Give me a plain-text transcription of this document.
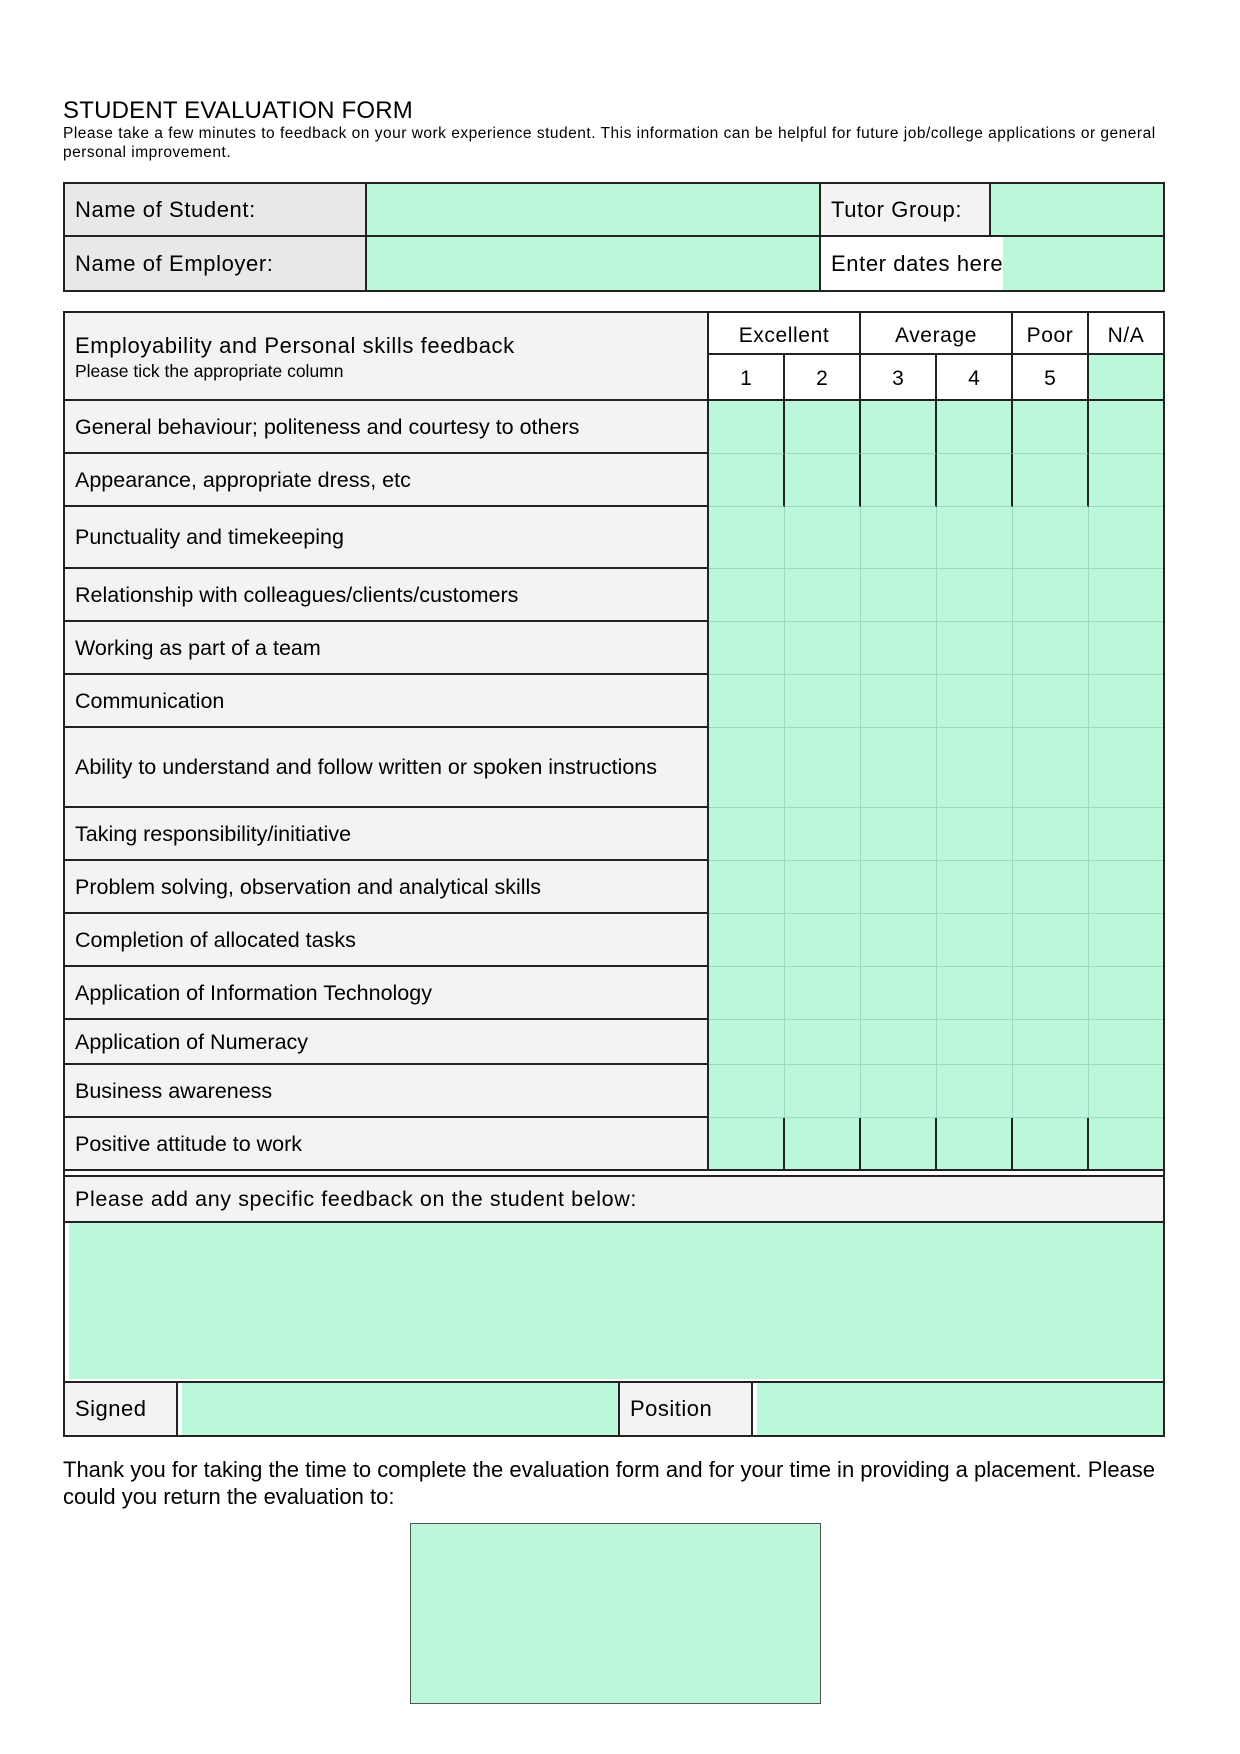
STUDENT EVALUATION FORM
Please take a few minutes to feedback on your work experience student. This information can be helpful for future job/college applications or general personal improvement.
Name of Student:	Tutor Group:
Name of Employer:	Enter dates here
Employability and Personal skills feedback
Please tick the appropriate column
Excellent	Average	Poor	N/A
1	2	3	4	5
General behaviour; politeness and courtesy to others
Appearance, appropriate dress, etc
Punctuality and timekeeping
Relationship with colleagues/clients/customers
Working as part of a team
Communication
Ability to understand and follow written or spoken instructions
Taking responsibility/initiative
Problem solving, observation and analytical skills
Completion of allocated tasks
Application of Information Technology
Application of Numeracy
Business awareness
Positive attitude to work
Please add any specific feedback on the student below:
Signed	Position
Thank you for taking the time to complete the evaluation form and for your time in providing a placement. Please could you return the evaluation to:
